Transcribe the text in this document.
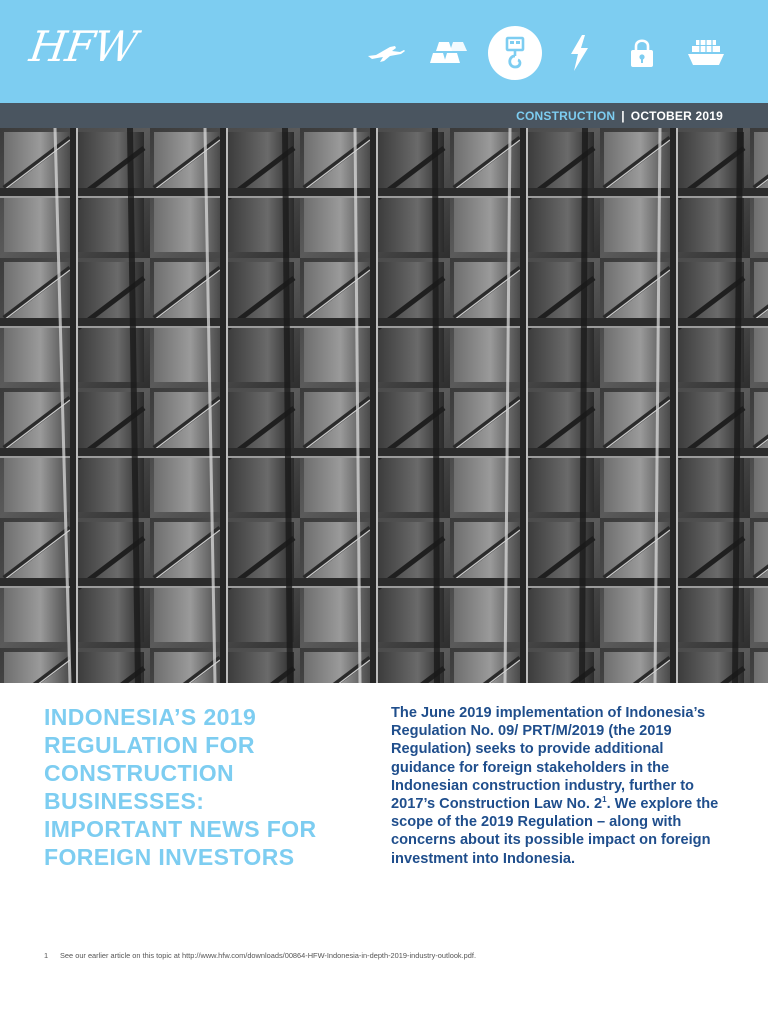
HFW
CONSTRUCTION | OCTOBER 2019
INDONESIA’S 2019
REGULATION FOR
CONSTRUCTION
BUSINESSES:
IMPORTANT NEWS FOR
FOREIGN INVESTORS
The June 2019 implementation of Indonesia’s Regulation No. 09/ PRT/M/2019 (the 2019 Regulation) seeks to provide additional guidance for foreign stakeholders in the Indonesian construction industry, further to 2017’s Construction Law No. $2^1$. We explore the scope of the 2019 Regulation – along with concerns about its possible impact on foreign investment into Indonesia.
1 See our earlier article on this topic at http://www.hfw.com/downloads/00864-HFW-Indonesia-in-depth-2019-industry-outlook.pdf.
